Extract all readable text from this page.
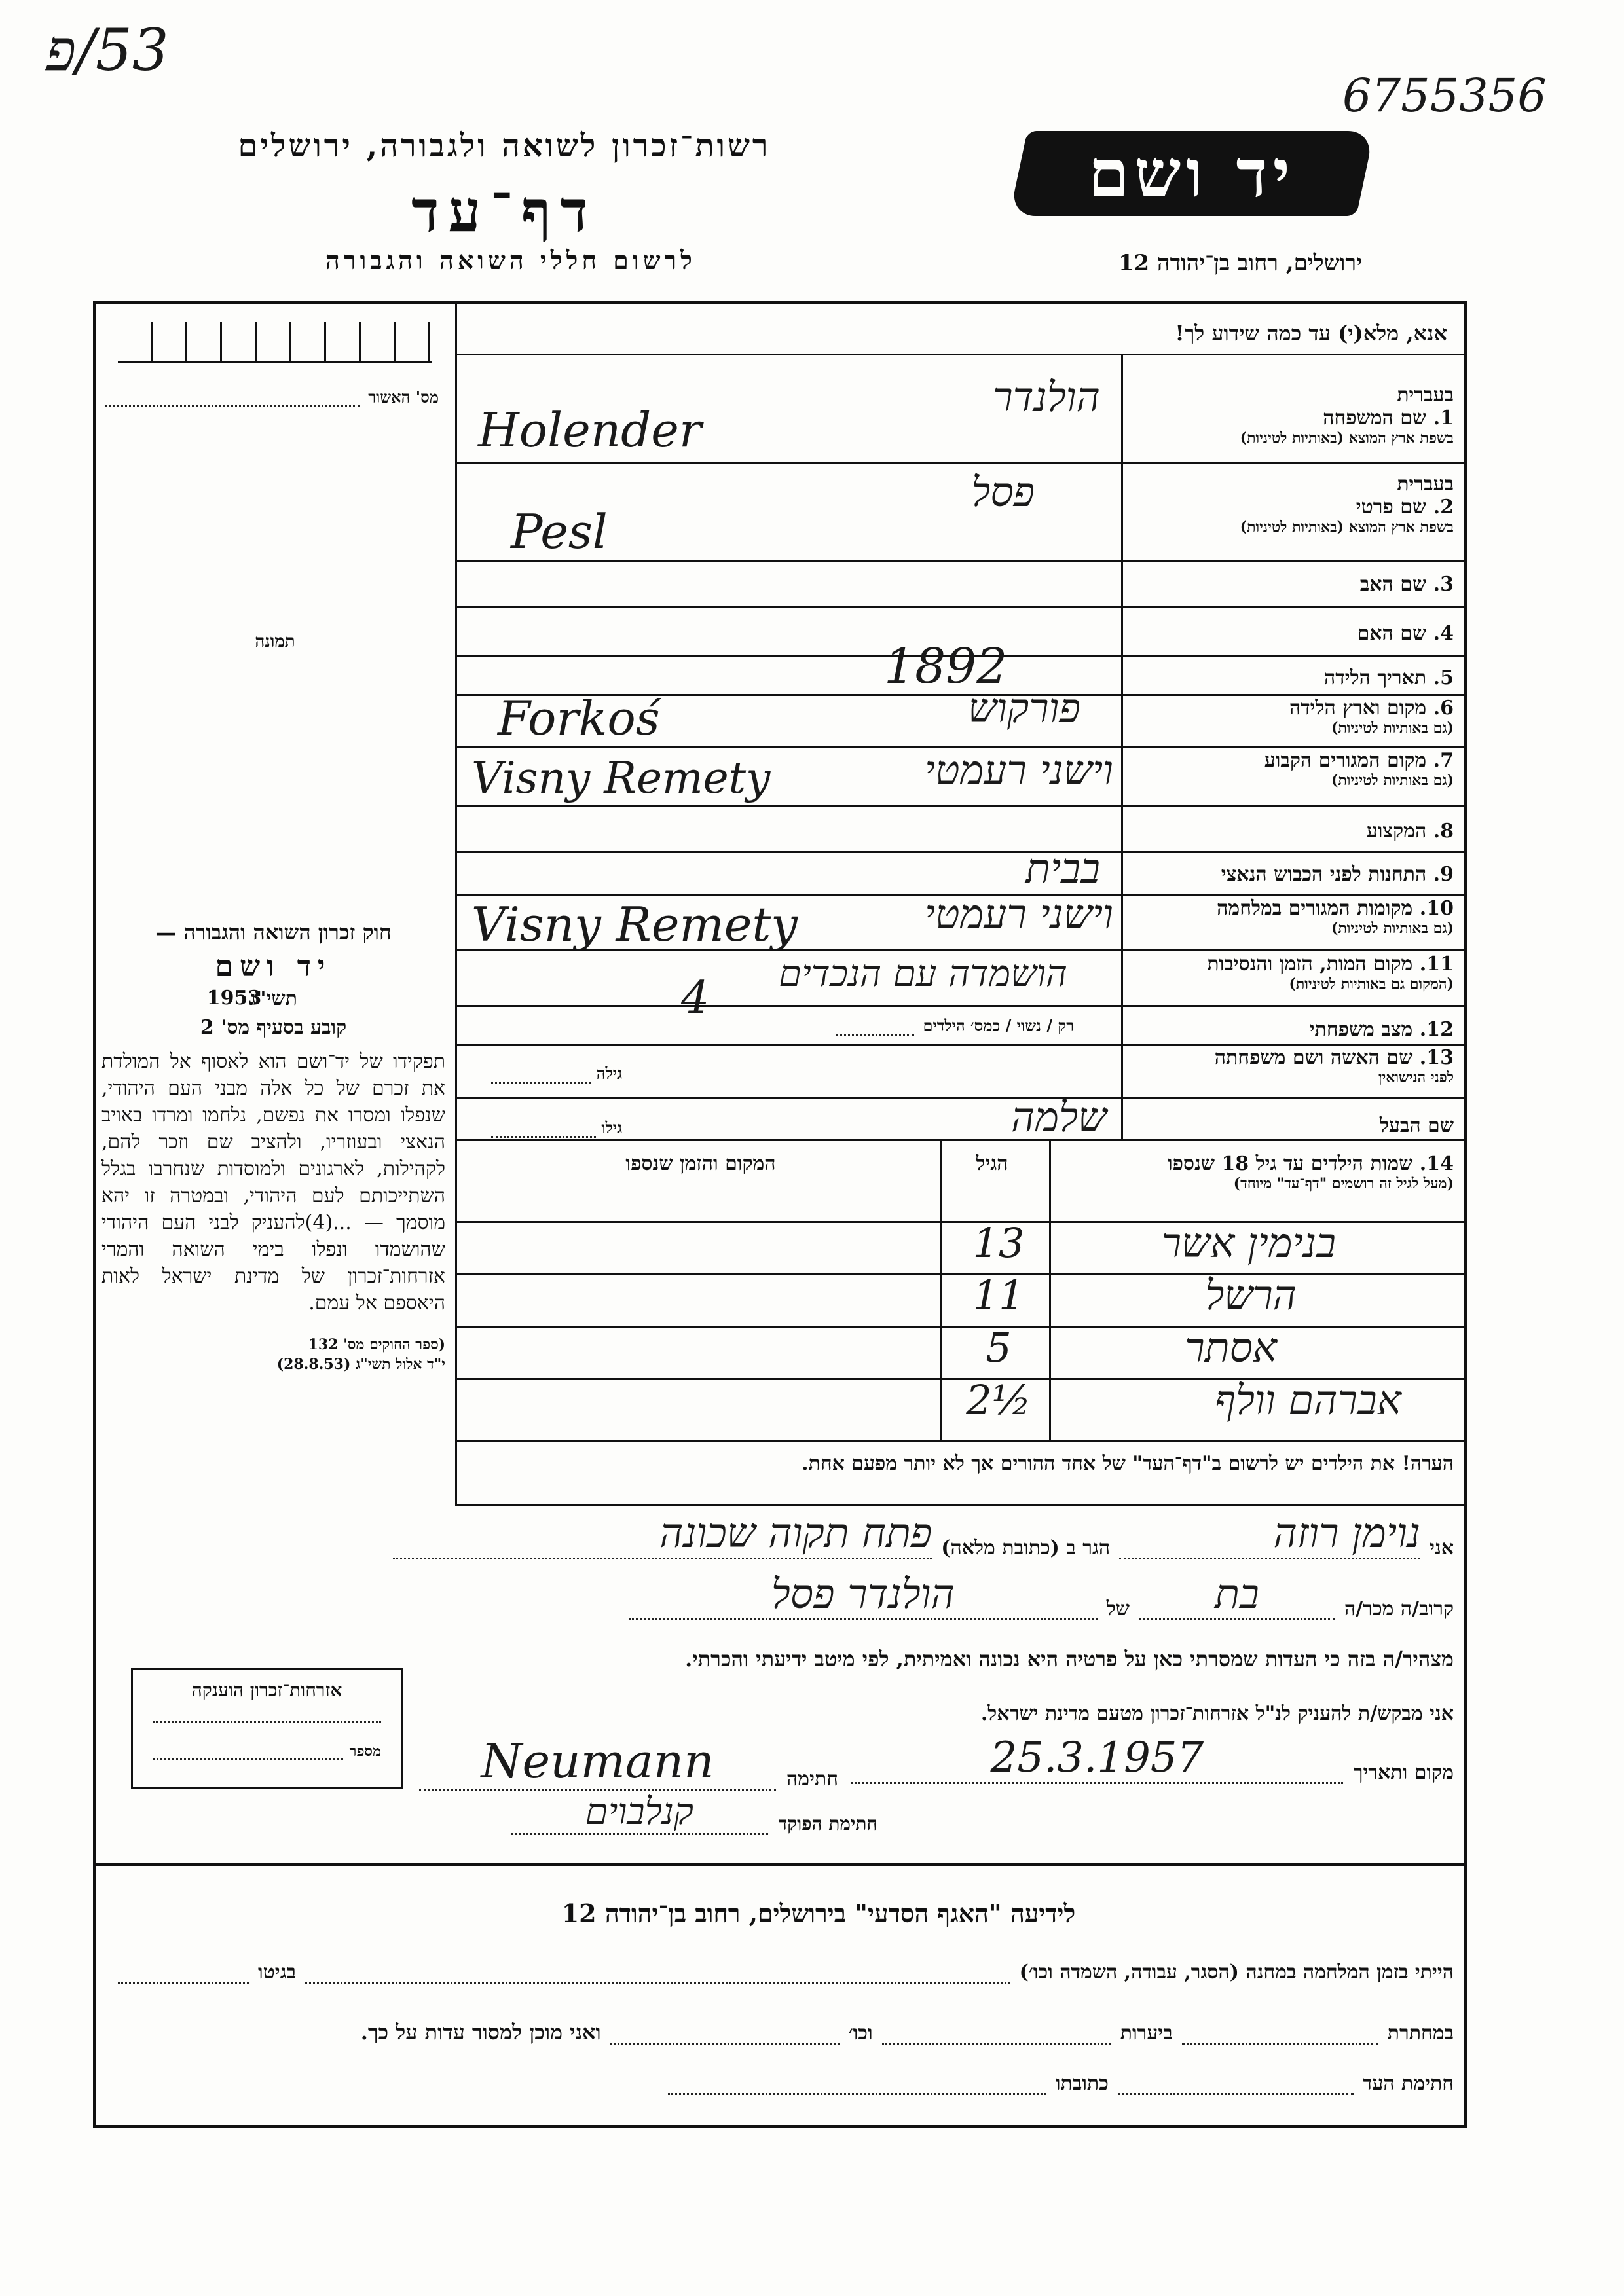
53/פ
6755356
רשות־זכרון לשואה ולגבורה, ירושלים
דף־עד
לרשום חללי השואה והגבורה
יד ושם
ירושלים, רחוב בן־יהודה 12
מס' האשור
תמונה
חוק זכרון השואה והגבורה —
יד ושם
תשי"ג
1953
קובע בסעיף מס' 2
תפקידו של יד־ושם הוא לאסוף אל המולדת את זכרם של כל אלה מבני העם היהודי, שנפלו ומסרו את נפשם, נלחמו ומרדו באויב הנאצי ובעוזריו, ולהציב שם וזכר להם, לקהילות, לארגונים ולמוסדות שנחרבו בגלל השתייכותם לעם היהודי, ובמטרה זו יהא מוסמך — ...(4)להעניק לבני העם היהודי שהושמדו ונפלו בימי השואה והמרי אזרחות־זכרון של מדינת ישראל לאות היאספם אל עמם.
(ספר החוקים מס' 132
י"ד אלול תשי"ג (28.8.53)
אנא, מלא(י) עד כמה שידוע לך!
בעברית
1. שם המשפחה
בשפת ארץ המוצא (באותיות לטיניות)
הולנדר
Holender
בעברית
2. שם פרטי
בשפת ארץ המוצא (באותיות לטיניות)
פסל
Pesl
3. שם האב
4. שם האם
5. תאריך הלידה
1892
6. מקום וארץ הלידה
(גם באותיות לטיניות)
פורקוש
Forkoś
7. מקום המגורים הקבוע
(גם באותיות לטיניות)
וישני רעמטי
Visny Remety
8. המקצוע
9. התחנות לפני הכבוש הנאצי
בבית
10. מקומות המגורים במלחמה
(גם באותיות לטיניות)
וישני רעמטי
Visny Remety
11. מקום המות, הזמן והנסיבות
(המקום גם באותיות לטיניות)
הושמדה עם הנכדים
4
12. מצב משפחתי
רק / נשוי / כמס׳ הילדים
13. שם האשה ושם משפחתה
לפני הנישואין
גילה
שם הבעל
שלמה
גילו
14. שמות הילדים עד גיל 18 שנספו
(מעל לגיל זה רושמים "דף־עד" מיוחד)
הגיל
המקום והזמן שנספו
בנימין אשר
13
הרשל
11
אסתר
5
אברהם וולף
2½
הערה! את הילדים יש לרשום ב"דף־העד" של אחד ההורים אך לא יותר מפעם אחת.
אני
נוימן רוזה
הגר ב (כתובת מלאה)
פתח תקוה שכונה
קרוב/ה מכר/ה
בת
של
הולנדר פסל
מצהיר/ה בזה כי העדות שמסרתי כאן על פרטיה היא נכונה ואמיתית, לפי מיטב ידיעתי והכרתי.
אזרחות־זכרון הוענקה
מספר
אני מבקש/ת להעניק לנ"ל אזרחות־זכרון מטעם מדינת ישראל.
מקום ותאריך
25.3.1957
חתימה
Neumann
חתימת הפוקד
קנלבוים
לידיעה "האגף הסדעי" בירושלים, רחוב בן־יהודה 12
הייתי בזמן המלחמה במחנה (הסגר, עבודה, השמדה וכו׳)
בגיטו
במחתרת
ביערות
וכו׳
ואני מוכן למסור עדות על כך.
חתימת העד
כתובתו
